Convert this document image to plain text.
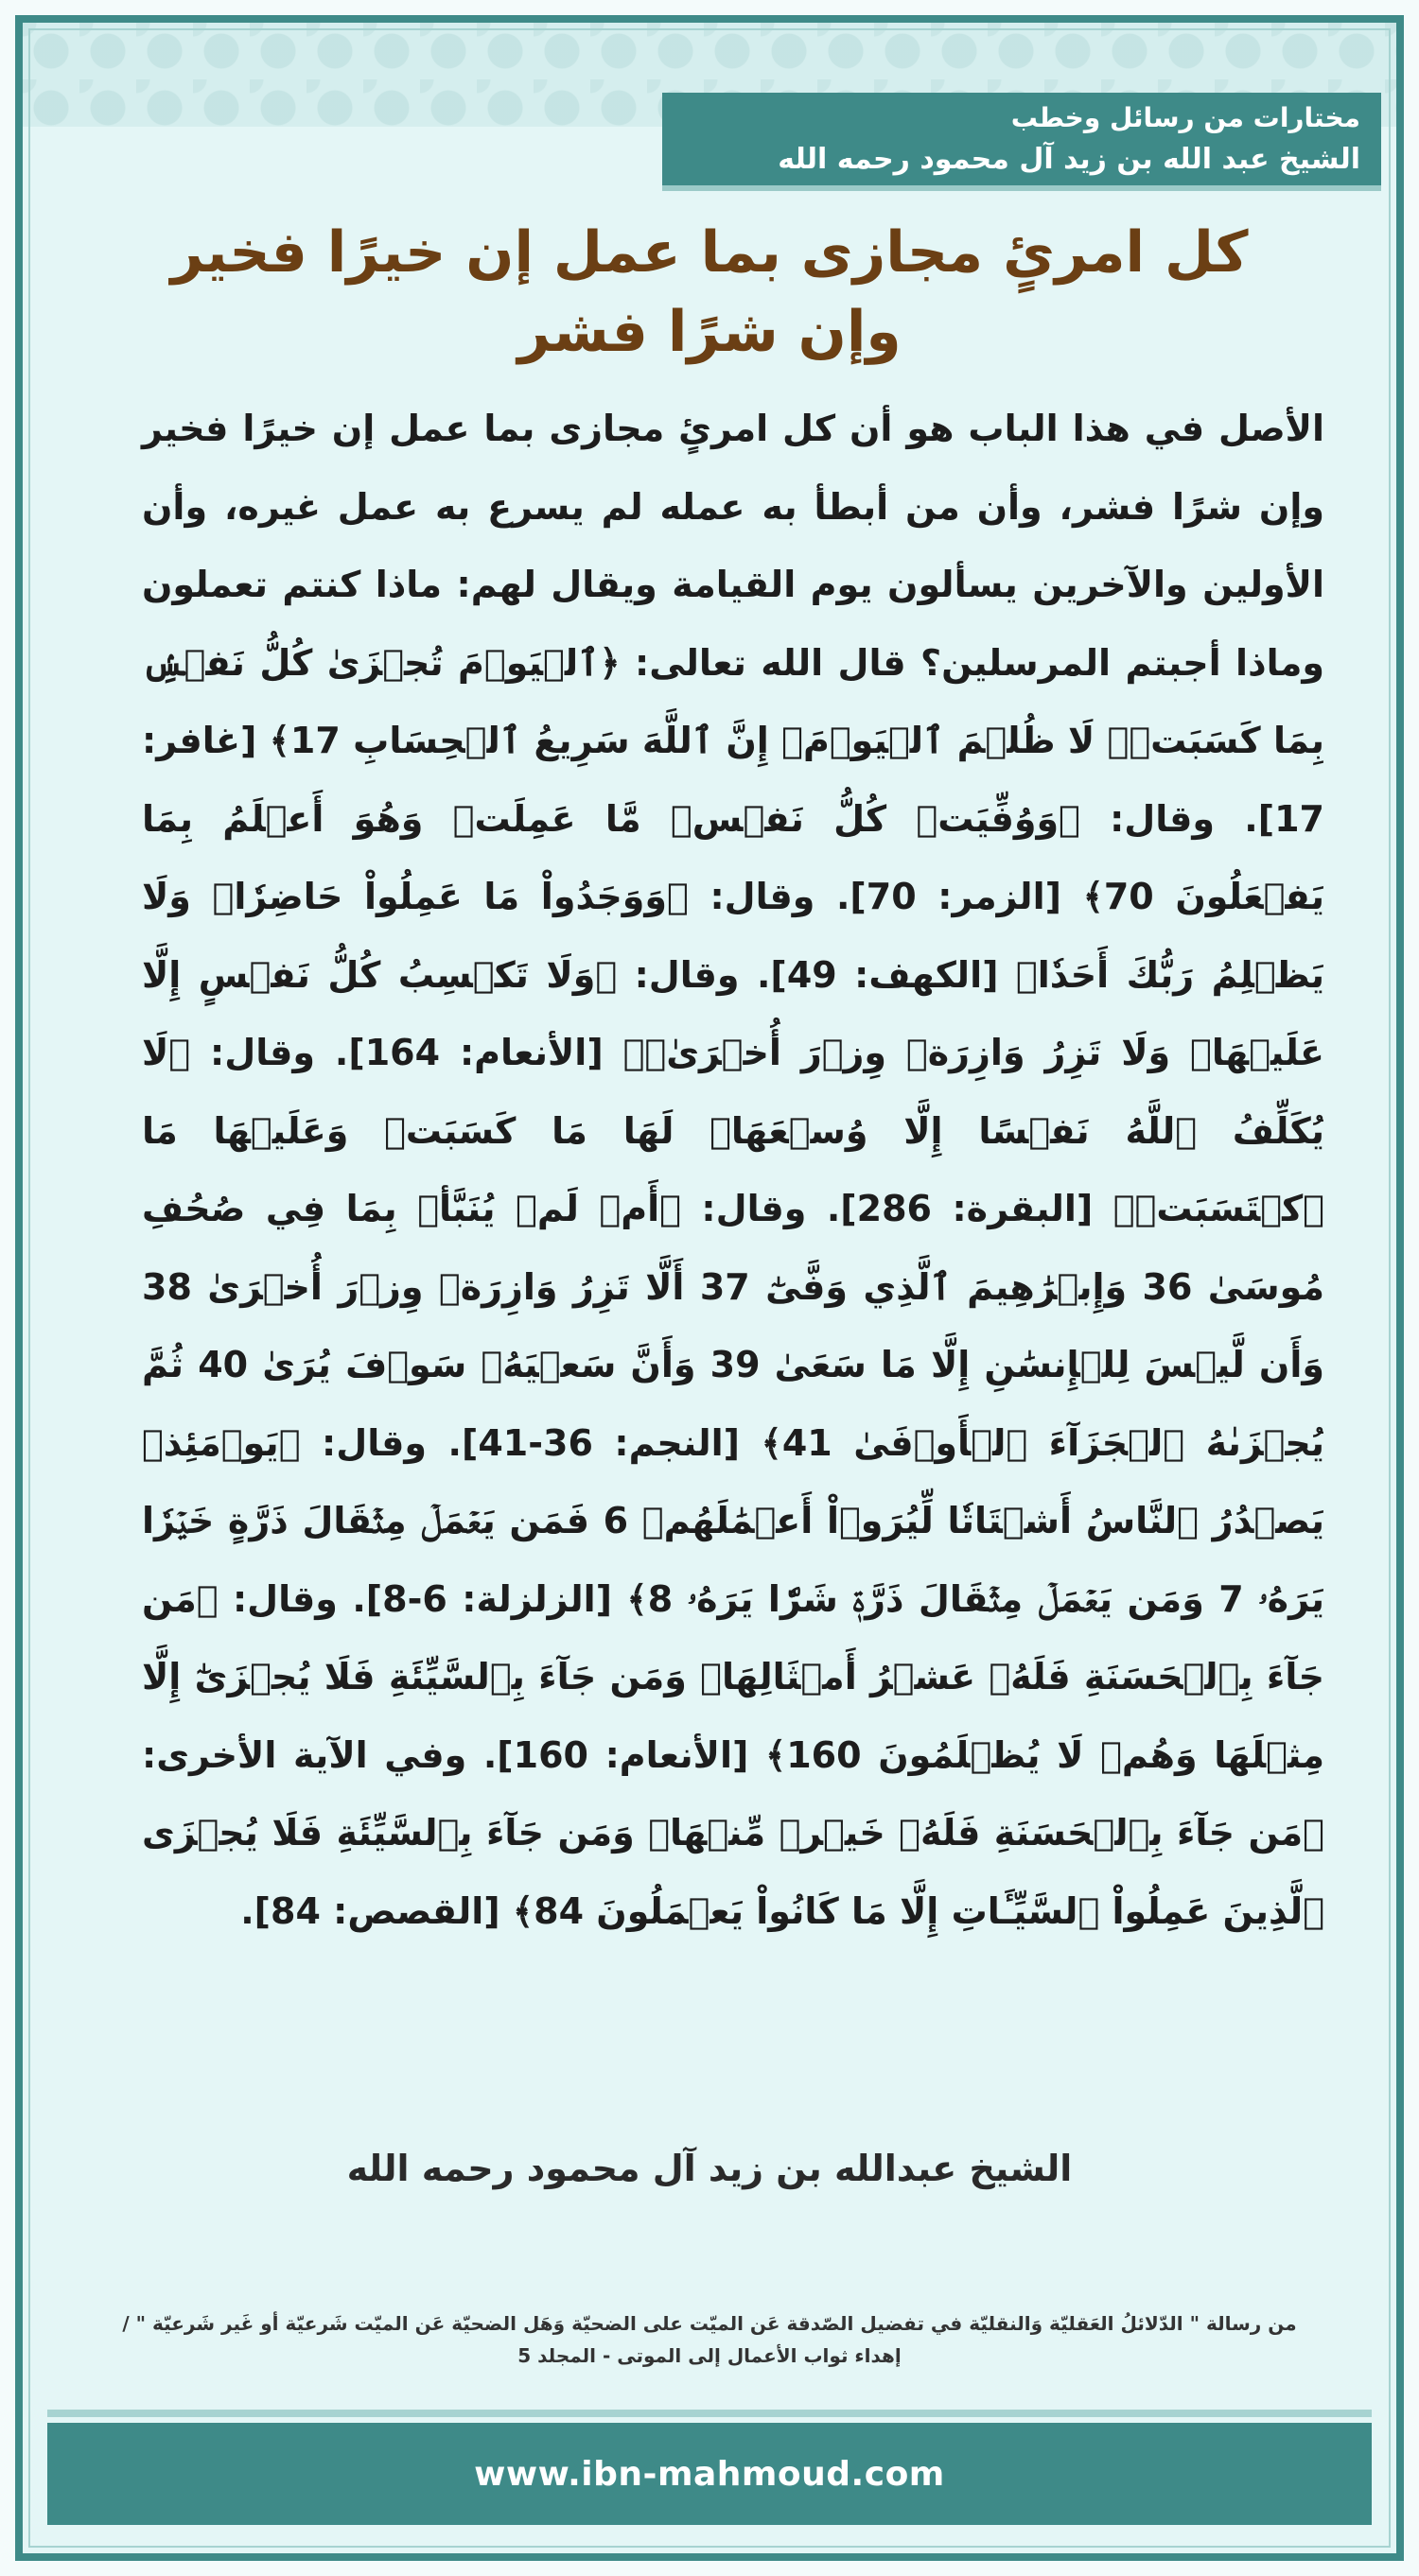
مختارات من رسائل وخطب
الشيخ عبد الله بن زيد آل محمود رحمه الله
كل امرئٍ مجازى بما عمل إن خيرًا فخير وإن شرًا فشر
الأصل في هذا الباب هو أن كل امرئٍ مجازى بما عمل إن خيرًا فخير وإن شرًا فشر، وأن من أبطأ به عمله لم يسرع به عمل غيره، وأن الأولين والآخرين يسألون يوم القيامة ويقال لهم: ماذا كنتم تعملون وماذا أجبتم المرسلين؟ قال الله تعالى: ﴿ٱلۡيَوۡمَ تُجۡزَىٰ كُلُّ نَفۡسِۢ بِمَا كَسَبَتۡۚ لَا ظُلۡمَ ٱلۡيَوۡمَۚ إِنَّ ٱللَّهَ سَرِيعُ ٱلۡحِسَابِ 17﴾ [غافر: 17]. وقال: ﴿وَوُفِّيَتۡ كُلُّ نَفۡسٖ مَّا عَمِلَتۡ وَهُوَ أَعۡلَمُ بِمَا يَفۡعَلُونَ 70﴾ [الزمر: 70]. وقال: ﴿وَوَجَدُواْ مَا عَمِلُواْ حَاضِرٗاۗ وَلَا يَظۡلِمُ رَبُّكَ أَحَدٗا﴾ [الكهف: 49]. وقال: ﴿وَلَا تَكۡسِبُ كُلُّ نَفۡسٍ إِلَّا عَلَيۡهَاۚ وَلَا تَزِرُ وَازِرَةٞ وِزۡرَ أُخۡرَىٰۚ﴾ [الأنعام: 164]. وقال: ﴿لَا يُكَلِّفُ ٱللَّهُ نَفۡسًا إِلَّا وُسۡعَهَاۚ لَهَا مَا كَسَبَتۡ وَعَلَيۡهَا مَا ٱكۡتَسَبَتۡ﴾ [البقرة: 286]. وقال: ﴿أَمۡ لَمۡ يُنَبَّأۡ بِمَا فِي صُحُفِ مُوسَىٰ 36 وَإِبۡرَٰهِيمَ ٱلَّذِي وَفَّىٰٓ 37 أَلَّا تَزِرُ وَازِرَةٞ وِزۡرَ أُخۡرَىٰ 38 وَأَن لَّيۡسَ لِلۡإِنسَٰنِ إِلَّا مَا سَعَىٰ 39 وَأَنَّ سَعۡيَهُۥ سَوۡفَ يُرَىٰ 40 ثُمَّ يُجۡزَىٰهُ ٱلۡجَزَآءَ ٱلۡأَوۡفَىٰ 41﴾ [النجم: 36-41]. وقال: ﴿يَوۡمَئِذٖ يَصۡدُرُ ٱلنَّاسُ أَشۡتَاتٗا لِّيُرَوۡاْ أَعۡمَٰلَهُمۡ 6 فَمَن يَعۡمَلۡ مِثۡقَالَ ذَرَّةٍ خَيۡرٗا يَرَهُۥ 7 وَمَن يَعۡمَلۡ مِثۡقَالَ ذَرَّةٖ شَرّٗا يَرَهُۥ 8﴾ [الزلزلة: 6-8]. وقال: ﴿مَن جَآءَ بِٱلۡحَسَنَةِ فَلَهُۥ عَشۡرُ أَمۡثَالِهَاۖ وَمَن جَآءَ بِٱلسَّيِّئَةِ فَلَا يُجۡزَىٰٓ إِلَّا مِثۡلَهَا وَهُمۡ لَا يُظۡلَمُونَ 160﴾ [الأنعام: 160]. وفي الآية الأخرى: ﴿مَن جَآءَ بِٱلۡحَسَنَةِ فَلَهُۥ خَيۡرٞ مِّنۡهَاۖ وَمَن جَآءَ بِٱلسَّيِّئَةِ فَلَا يُجۡزَى ٱلَّذِينَ عَمِلُواْ ٱلسَّيِّـَٔاتِ إِلَّا مَا كَانُواْ يَعۡمَلُونَ 84﴾ [القصص: 84].
الشيخ عبدالله بن زيد آل محمود رحمه الله
من رسالة " الدّلائلُ العَقليّة وَالنقليّة في تفضيل الصّدقة عَن الميّت على الضحيّة وَهَل الضحيّة عَن الميّت شَرعيّة أو غَير شَرعيّة " / إهداء ثواب الأعمال إلى الموتى - المجلد 5
www.ibn-mahmoud.com
